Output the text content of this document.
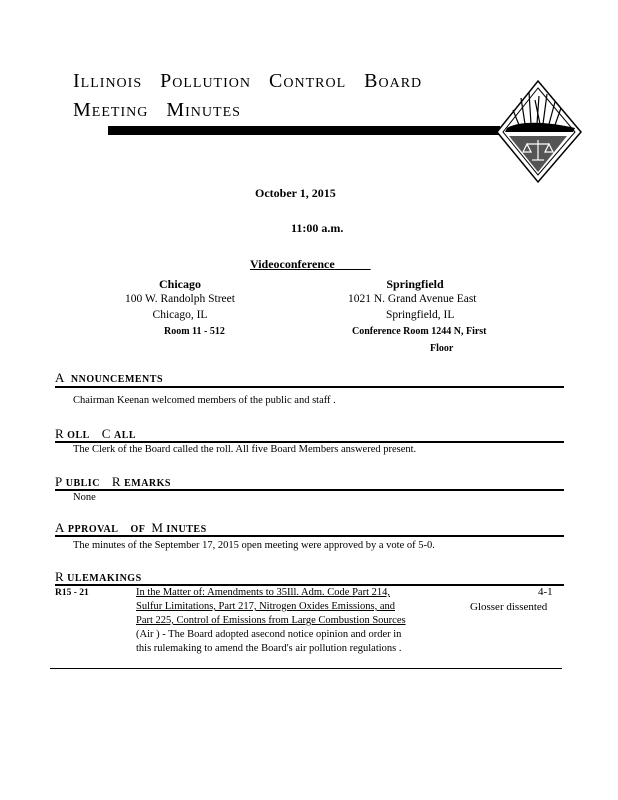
ILLINOIS POLLUTION CONTROL BOARD
MEETING MINUTES
October 1, 2015
11:00 a.m.
Videoconference
Chicago
100 W. Randolph Street
Chicago, IL
Room 11 - 512
Springfield
1021 N. Grand Avenue East
Springfield, IL
Conference Room 1244 N, First
Floor
A NNOUNCEMENTS
Chairman Keenan welcomed members of the public and staff .
R OLL C ALL
The Clerk of the Board called the roll. All five Board Members answered present.
P UBLIC R EMARKS
None
A PPROVAL OF M INUTES
The minutes of the September 17, 2015 open meeting were approved by a vote of 5-0.
R ULEMAKINGS
R15 - 21	In the Matter of: Amendments to 35Ill. Adm. Code Part 214,
Sulfur Limitations, Part 217, Nitrogen Oxides Emissions, and
Part 225, Control of Emissions from Large Combustion Sources
(Air ) - The Board adopted asecond notice opinion and order in
this rulemaking to amend the Board's air pollution regulations .
4-1
Glosser dissented
